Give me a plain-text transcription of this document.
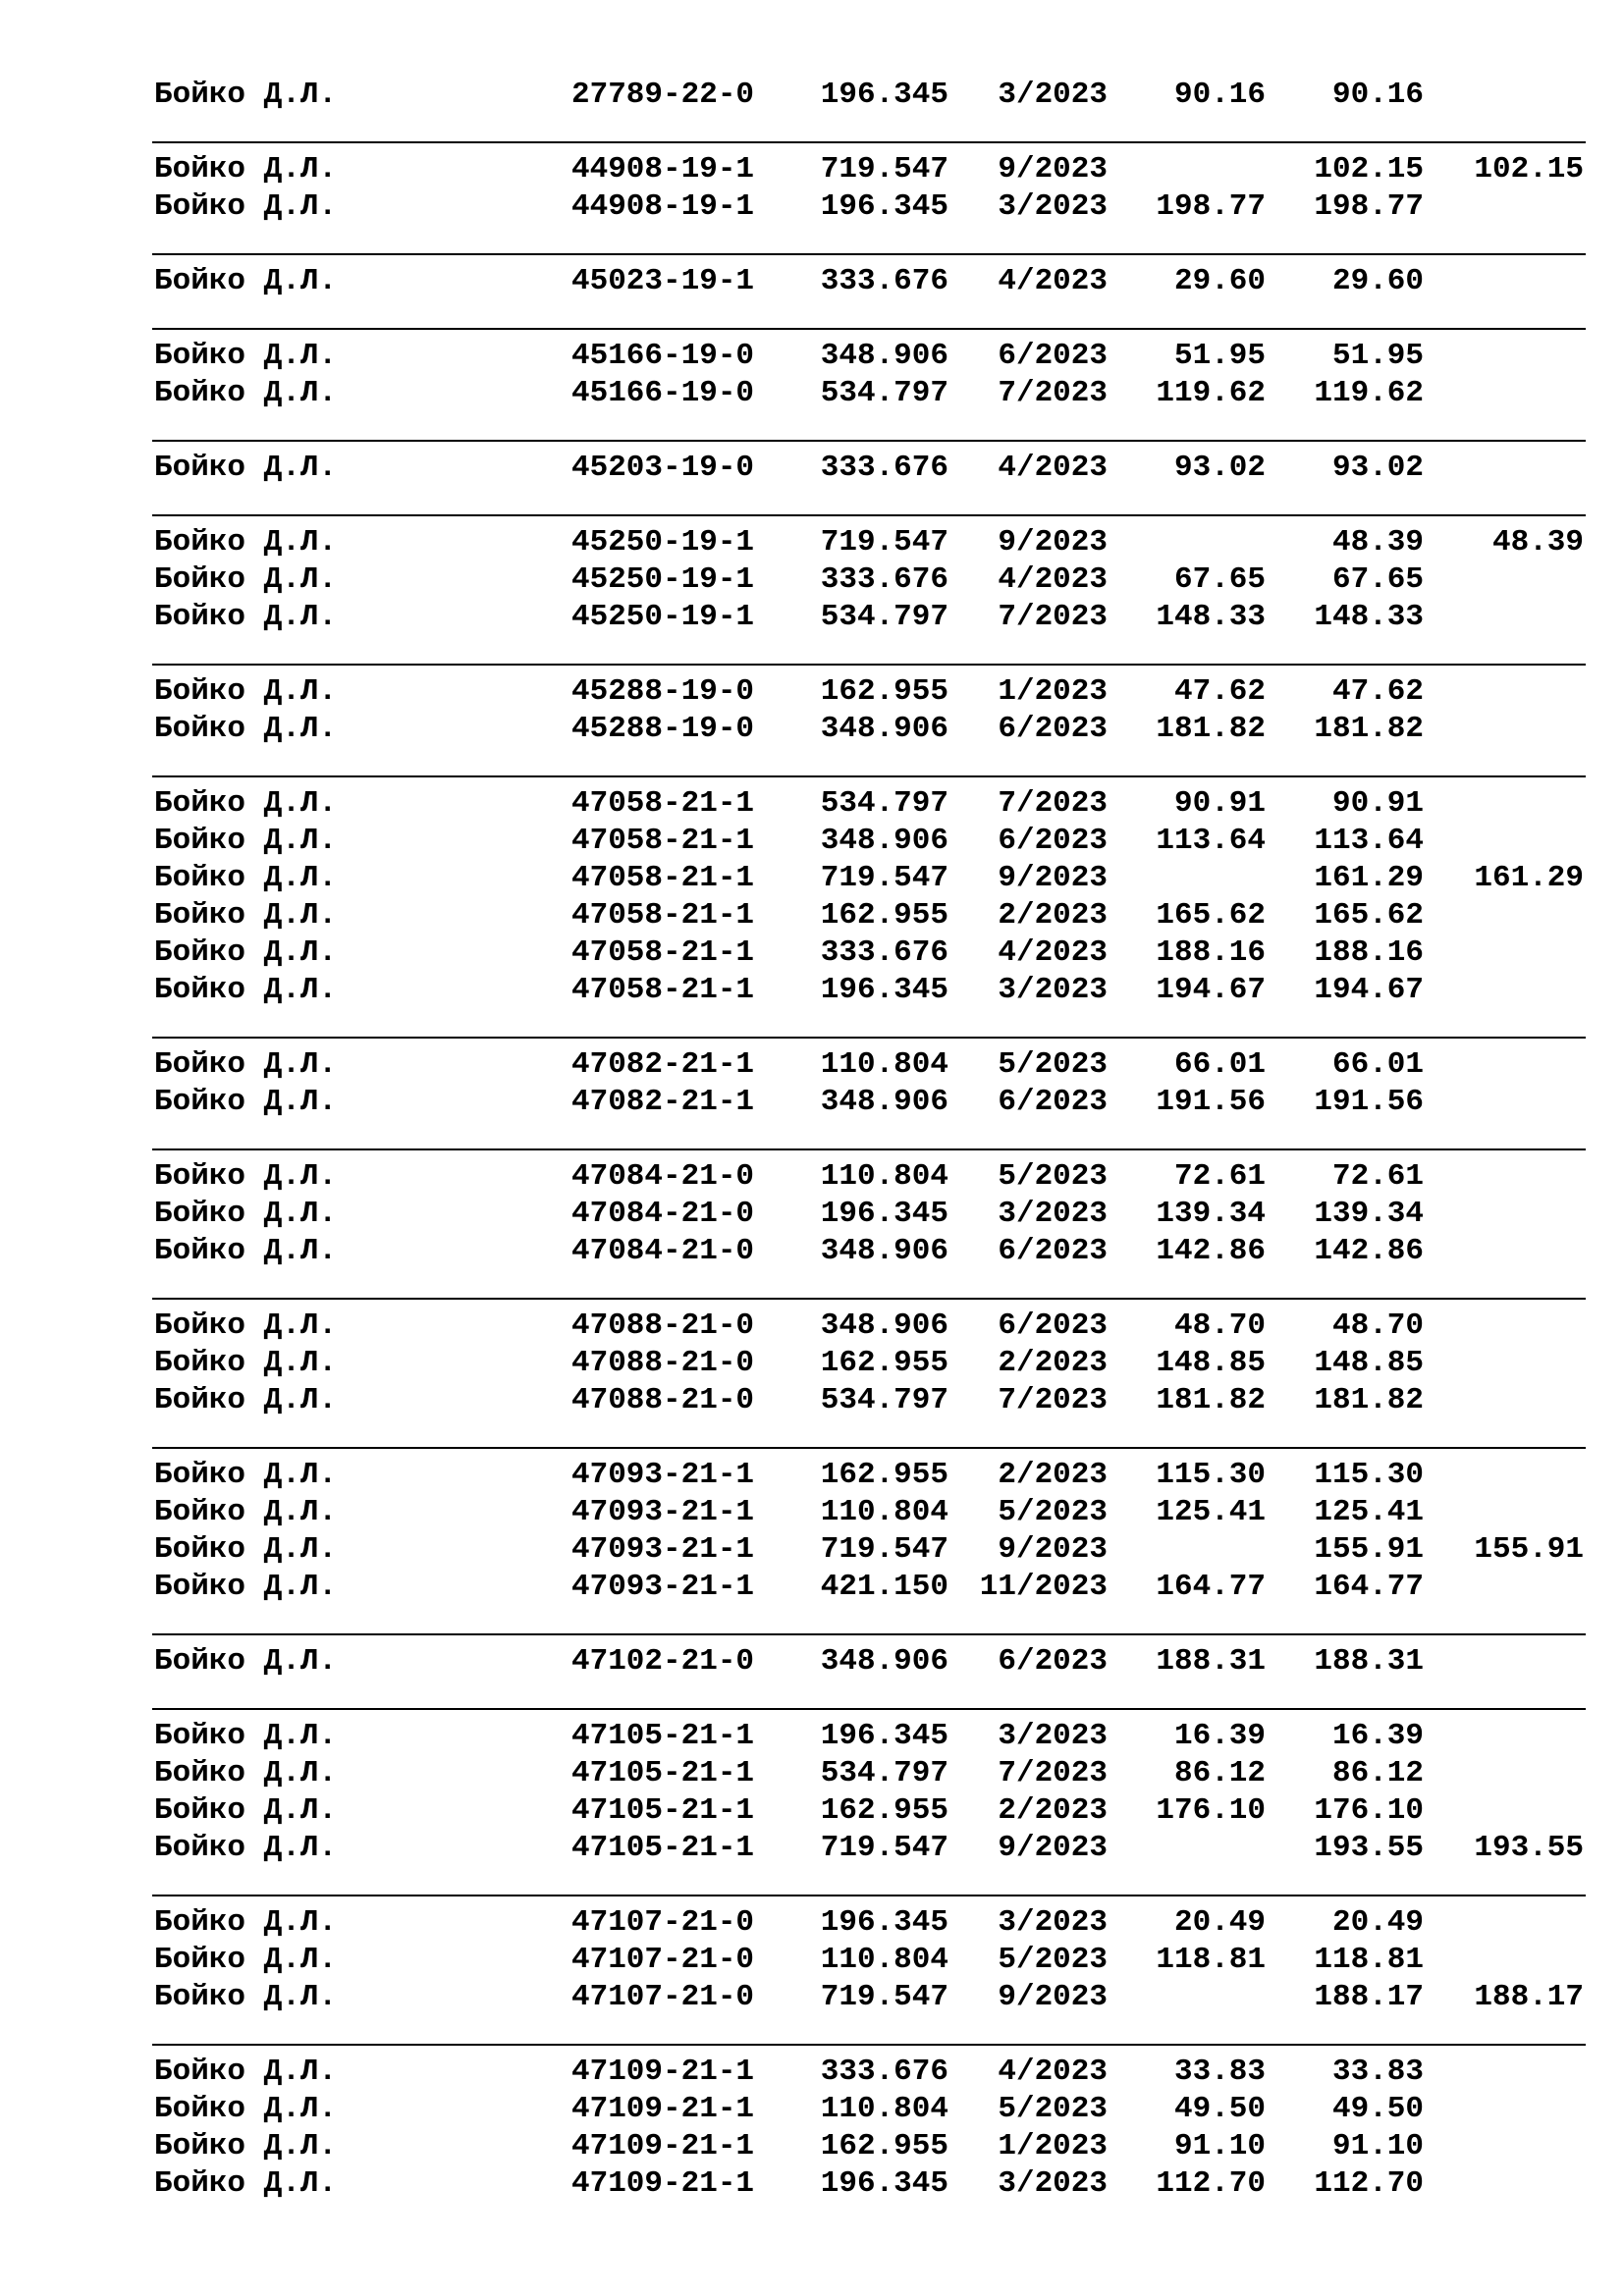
Бойко Д.Л.	27789-22-0 196.345 3/2023 90.16 90.16
Бойко Д.Л.	44908-19-1 719.547 9/2023	102.15 102.15
Бойко Д.Л.	44908-19-1 196.345 3/2023 198.77 198.77
Бойко Д.Л.	45023-19-1 333.676 4/2023 29.60 29.60
Бойко Д.Л.	45166-19-0 348.906 6/2023 51.95 51.95
Бойко Д.Л.	45166-19-0 534.797 7/2023 119.62 119.62
Бойко Д.Л.	45203-19-0 333.676 4/2023 93.02 93.02
Бойко Д.Л.	45250-19-1 719.547 9/2023	48.39 48.39
Бойко Д.Л.	45250-19-1 333.676 4/2023 67.65 67.65
Бойко Д.Л.	45250-19-1 534.797 7/2023 148.33 148.33
Бойко Д.Л.	45288-19-0 162.955 1/2023 47.62 47.62
Бойко Д.Л.	45288-19-0 348.906 6/2023 181.82 181.82
Бойко Д.Л.	47058-21-1 534.797 7/2023 90.91 90.91
Бойко Д.Л.	47058-21-1 348.906 6/2023 113.64 113.64
Бойко Д.Л.	47058-21-1 719.547 9/2023	161.29 161.29
Бойко Д.Л.	47058-21-1 162.955 2/2023 165.62 165.62
Бойко Д.Л.	47058-21-1 333.676 4/2023 188.16 188.16
Бойко Д.Л.	47058-21-1 196.345 3/2023 194.67 194.67
Бойко Д.Л.	47082-21-1 110.804 5/2023 66.01 66.01
Бойко Д.Л.	47082-21-1 348.906 6/2023 191.56 191.56
Бойко Д.Л.	47084-21-0 110.804 5/2023 72.61 72.61
Бойко Д.Л.	47084-21-0 196.345 3/2023 139.34 139.34
Бойко Д.Л.	47084-21-0 348.906 6/2023 142.86 142.86
Бойко Д.Л.	47088-21-0 348.906 6/2023 48.70 48.70
Бойко Д.Л.	47088-21-0 162.955 2/2023 148.85 148.85
Бойко Д.Л.	47088-21-0 534.797 7/2023 181.82 181.82
Бойко Д.Л.	47093-21-1 162.955 2/2023 115.30 115.30
Бойко Д.Л.	47093-21-1 110.804 5/2023 125.41 125.41
Бойко Д.Л.	47093-21-1 719.547 9/2023	155.91 155.91
Бойко Д.Л.	47093-21-1 421.150 11/2023 164.77 164.77
Бойко Д.Л.	47102-21-0 348.906 6/2023 188.31 188.31
Бойко Д.Л.	47105-21-1 196.345 3/2023 16.39 16.39
Бойко Д.Л.	47105-21-1 534.797 7/2023 86.12 86.12
Бойко Д.Л.	47105-21-1 162.955 2/2023 176.10 176.10
Бойко Д.Л.	47105-21-1 719.547 9/2023	193.55 193.55
Бойко Д.Л.	47107-21-0 196.345 3/2023 20.49 20.49
Бойко Д.Л.	47107-21-0 110.804 5/2023 118.81 118.81
Бойко Д.Л.	47107-21-0 719.547 9/2023	188.17 188.17
Бойко Д.Л.	47109-21-1 333.676 4/2023 33.83 33.83
Бойко Д.Л.	47109-21-1 110.804 5/2023 49.50 49.50
Бойко Д.Л.	47109-21-1 162.955 1/2023 91.10 91.10
Бойко Д.Л.	47109-21-1 196.345 3/2023 112.70 112.70
